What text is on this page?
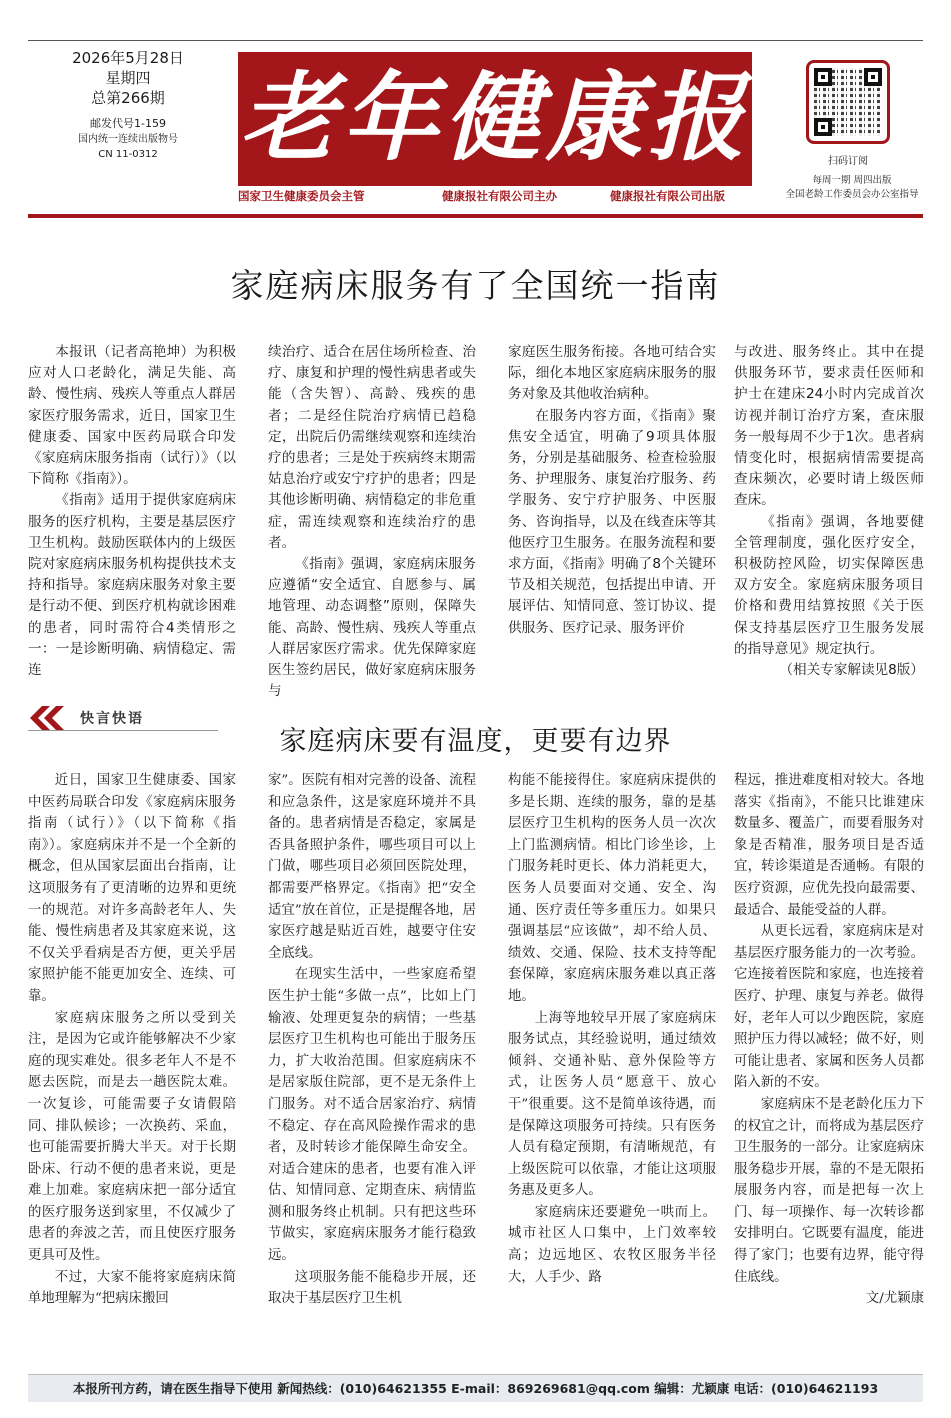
2026年5月28日
星期四
总第266期
邮发代号1-159
国内统一连续出版物号
CN 11-0312 老年健康报
国家卫生健康委员会主管	健康报社有限公司主办	健康报社有限公司出版
扫码订阅
每周一期 周四出版
全国老龄工作委员会办公室指导
家庭病床服务有了全国统一指南

本报讯（记者高艳坤）为积极应对人口老龄化，满足失能、高龄、慢性病、残疾人等重点人群居家医疗服务需求，近日，国家卫生健康委、国家中医药局联合印发《家庭病床服务指南（试行）》（以下简称《指南》）。

《指南》适用于提供家庭病床服务的医疗机构，主要是基层医疗卫生机构。鼓励医联体内的上级医院对家庭病床服务机构提供技术支持和指导。家庭病床服务对象主要是行动不便、到医疗机构就诊困难的患者，同时需符合4类情形之一：一是诊断明确、病情稳定、需连

续治疗、适合在居住场所检查、治疗、康复和护理的慢性病患者或失能（含失智）、高龄、残疾的患者；二是经住院治疗病情已趋稳定，出院后仍需继续观察和连续治疗的患者；三是处于疾病终末期需姑息治疗或安宁疗护的患者；四是其他诊断明确、病情稳定的非危重症，需连续观察和连续治疗的患者。

《指南》强调，家庭病床服务应遵循“安全适宜、自愿参与、属地管理、动态调整”原则，保障失能、高龄、慢性病、残疾人等重点人群居家医疗需求。优先保障家庭医生签约居民，做好家庭病床服务与

家庭医生服务衔接。各地可结合实际，细化本地区家庭病床服务的服务对象及其他收治病种。

在服务内容方面，《指南》聚焦安全适宜，明确了9项具体服务，分别是基础服务、检查检验服务、护理服务、康复治疗服务、药学服务、安宁疗护服务、中医服务、咨询指导，以及在线查床等其他医疗卫生服务。在服务流程和要求方面，《指南》明确了8个关键环节及相关规范，包括提出申请、开展评估、知情同意、签订协议、提供服务、医疗记录、服务评价

与改进、服务终止。其中在提供服务环节，要求责任医师和护士在建床24小时内完成首次访视并制订治疗方案，查床服务一般每周不少于1次。患者病情变化时，根据病情需要提高查床频次，必要时请上级医师查床。

《指南》强调，各地要健全管理制度，强化医疗安全，积极防控风险，切实保障医患双方安全。家庭病床服务项目价格和费用结算按照《关于医保支持基层医疗卫生服务发展的指导意见》规定执行。

（相关专家解读见8版）
快言快语
家庭病床要有温度，更要有边界

近日，国家卫生健康委、国家中医药局联合印发《家庭病床服务指南（试行）》（以下简称《指南》）。家庭病床并不是一个全新的概念，但从国家层面出台指南，让这项服务有了更清晰的边界和更统一的规范。对许多高龄老年人、失能、慢性病患者及其家庭来说，这不仅关乎看病是否方便，更关乎居家照护能不能更加安全、连续、可靠。

家庭病床服务之所以受到关注，是因为它或许能够解决不少家庭的现实难处。很多老年人不是不愿去医院，而是去一趟医院太难。一次复诊，可能需要子女请假陪同、排队候诊；一次换药、采血，也可能需要折腾大半天。对于长期卧床、行动不便的患者来说，更是难上加难。家庭病床把一部分适宜的医疗服务送到家里，不仅减少了患者的奔波之苦，而且使医疗服务更具可及性。

不过，大家不能将家庭病床简单地理解为“把病床搬回

家”。医院有相对完善的设备、流程和应急条件，这是家庭环境并不具备的。患者病情是否稳定，家属是否具备照护条件，哪些项目可以上门做，哪些项目必须回医院处理，都需要严格界定。《指南》把“安全适宜”放在首位，正是提醒各地，居家医疗越是贴近百姓，越要守住安全底线。

在现实生活中，一些家庭希望医生护士能“多做一点”，比如上门输液、处理更复杂的病情；一些基层医疗卫生机构也可能出于服务压力，扩大收治范围。但家庭病床不是居家版住院部，更不是无条件上门服务。对不适合居家治疗、病情不稳定、存在高风险操作需求的患者，及时转诊才能保障生命安全。对适合建床的患者，也要有准入评估、知情同意、定期查床、病情监测和服务终止机制。只有把这些环节做实，家庭病床服务才能行稳致远。

这项服务能不能稳步开展，还取决于基层医疗卫生机

构能不能接得住。家庭病床提供的多是长期、连续的服务，靠的是基层医疗卫生机构的医务人员一次次上门监测病情。相比门诊坐诊，上门服务耗时更长、体力消耗更大，医务人员要面对交通、安全、沟通、医疗责任等多重压力。如果只强调基层“应该做”，却不给人员、绩效、交通、保险、技术支持等配套保障，家庭病床服务难以真正落地。

上海等地较早开展了家庭病床服务试点，其经验说明，通过绩效倾斜、交通补贴、意外保险等方式，让医务人员“愿意干、放心干”很重要。这不是简单该待遇，而是保障这项服务可持续。只有医务人员有稳定预期，有清晰规范，有上级医院可以依靠，才能让这项服务惠及更多人。

家庭病床还要避免一哄而上。城市社区人口集中，上门效率较高；边远地区、农牧区服务半径大，人手少、路

程远，推进难度相对较大。各地落实《指南》，不能只比谁建床数量多、覆盖广，而要看服务对象是否精准，服务项目是否适宜，转诊渠道是否通畅。有限的医疗资源，应优先投向最需要、最适合、最能受益的人群。

从更长远看，家庭病床是对基层医疗服务能力的一次考验。它连接着医院和家庭，也连接着医疗、护理、康复与养老。做得好，老年人可以少跑医院，家庭照护压力得以减轻；做不好，则可能让患者、家属和医务人员都陷入新的不安。

家庭病床不是老龄化压力下的权宜之计，而将成为基层医疗卫生服务的一部分。让家庭病床服务稳步开展，靠的不是无限拓展服务内容，而是把每一次上门、每一项操作、每一次转诊都安排明白。它既要有温度，能进得了家门；也要有边界，能守得住底线。

文/尤颖康
本报所刊方药，请在医生指导下使用 新闻热线：(010)64621355 E-mail：869269681@qq.com 编辑：尤颖康 电话：(010)64621193
